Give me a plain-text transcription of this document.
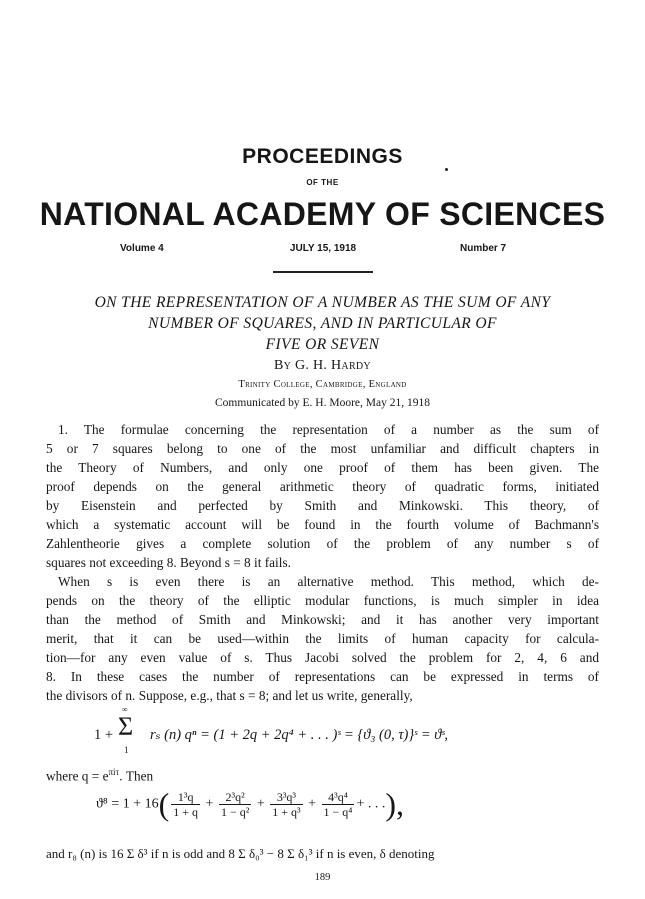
PROCEEDINGS
OF THE
NATIONAL ACADEMY OF SCIENCES
Volume 4	JULY 15, 1918	Number 7
ON THE REPRESENTATION OF A NUMBER AS THE SUM OF ANY
NUMBER OF SQUARES, AND IN PARTICULAR OF
FIVE OR SEVEN
By G. H. Hardy
Trinity College, Cambridge, England
Communicated by E. H. Moore, May 21, 1918
1. The formulae concerning the representation of a number as the sum of
5 or 7 squares belong to one of the most unfamiliar and difficult chapters in
the Theory of Numbers, and only one proof of them has been given. The
proof depends on the general arithmetic theory of quadratic forms, initiated
by Eisenstein and perfected by Smith and Minkowski. This theory, of
which a systematic account will be found in the fourth volume of Bachmann's
Zahlentheorie gives a complete solution of the problem of any number s of
squares not exceeding 8. Beyond s = 8 it fails.
When s is even there is an alternative method. This method, which de-
pends on the theory of the elliptic modular functions, is much simpler in idea
than the method of Smith and Minkowski; and it has another very important
merit, that it can be used—within the limits of human capacity for calcula-
tion—for any even value of s. Thus Jacobi solved the problem for 2, 4, 6 and
8. In these cases the number of representations can be expressed in terms of
the divisors of n. Suppose, e.g., that s = 8; and let us write, generally,
1 + Σ
∞
1
rₛ (n) qⁿ = (1 + 2q + 2q⁴ + . . . )ˢ = {ϑ₃ (0, τ)}ˢ = ϑˢ,
where $q = e^{\pi i\tau}$. Then
$ϑ^8 = 1 + 16( \frac{\text{1³q}}{1 + q} + \frac{\text{2³q²}}{\text{1 − q²}} + \frac{\text{3³q³}}{\text{1 + q³}} + \frac{\text{4³q⁴}}{\text{1 − q⁴}}$ + . . .),
and r₈ (n) is 16 Σ δ³ if n is odd and 8 Σ δ₀³ − 8 Σ δ₁³ if n is even, δ denoting
189
